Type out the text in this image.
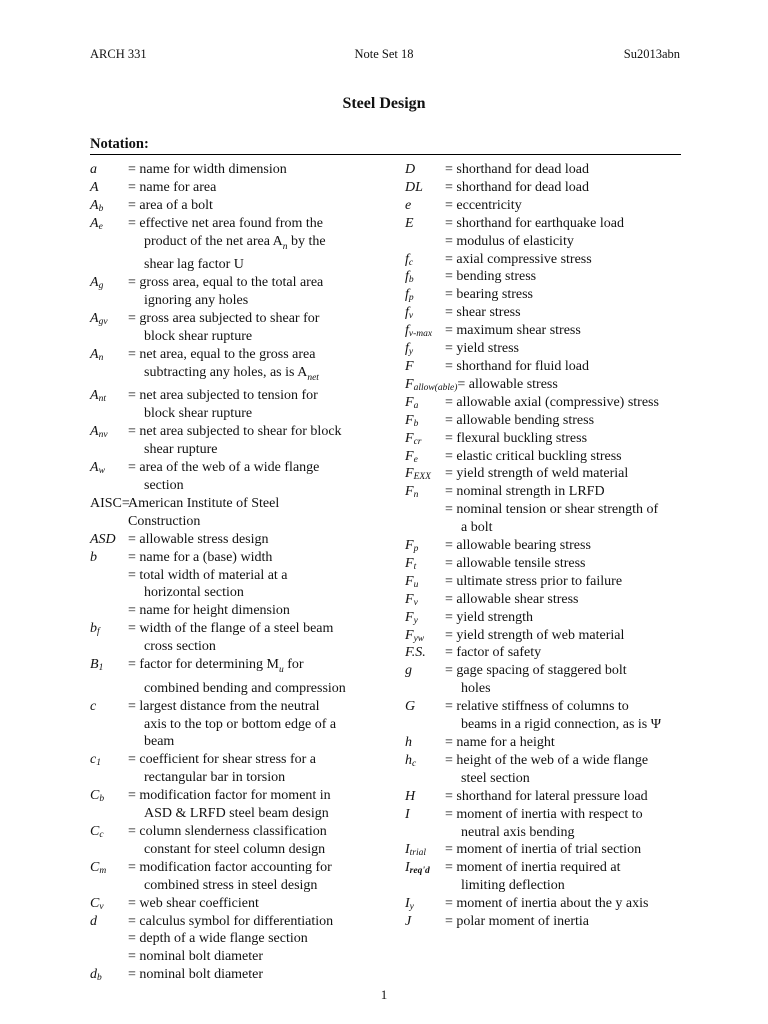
ARCH 331	Note Set 18	Su2013abn
Steel Design
Notation:
a	= name for width dimension
A	= name for area
$A_b$	= area of a bolt
$A_e$	= effective net area found from the
product of the net area $A_n$ by the
shear lag factor U
$A_g$	= gross area, equal to the total area
ignoring any holes
$A_{gv}$	= gross area subjected to shear for
block shear rupture
$A_n$	= net area, equal to the gross area
subtracting any holes, as is $A_{net}$
$A_{nt}$	= net area subjected to tension for
block shear rupture
$A_{nv}$	= net area subjected to shear for block
shear rupture
$A_w$	= area of the web of a wide flange
section
AISC=
American Institute of Steel
Construction
ASD = allowable stress design
b	= name for a (base) width
= total width of material at a
horizontal section
= name for height dimension
$b_f$	= width of the flange of a steel beam
cross section
$B_1$	= factor for determining $M_u$ for
combined bending and compression
c	= largest distance from the neutral
axis to the top or bottom edge of a
beam
$c_1$	= coefficient for shear stress for a
rectangular bar in torsion
$C_b$	= modification factor for moment in
ASD & LRFD steel beam design
$C_c$	= column slenderness classification
constant for steel column design
$C_m$	= modification factor accounting for
combined stress in steel design
$C_v$	= web shear coefficient
d	= calculus symbol for differentiation
= depth of a wide flange section
= nominal bolt diameter
$d_b$	= nominal bolt diameter
D	= shorthand for dead load
DL	= shorthand for dead load
e	= eccentricity
E	= shorthand for earthquake load
= modulus of elasticity
$f_c$	= axial compressive stress
$f_b$	= bending stress
$f_p$	= bearing stress
$f_v$	= shear stress
$f_{v-max}$ = maximum shear stress
$f_y$	= yield stress
F	= shorthand for fluid load
$F_{allow(able)}$ = allowable stress
$F_a$	= allowable axial (compressive) stress
$F_b$	= allowable bending stress
$F_{cr}$	= flexural buckling stress
$F_e$	= elastic critical buckling stress
$F_{EXX}$	= yield strength of weld material
$F_n$	= nominal strength in LRFD
= nominal tension or shear strength of
a bolt
$F_p$	= allowable bearing stress
$F_t$	= allowable tensile stress
$F_u$	= ultimate stress prior to failure
$F_v$	= allowable shear stress
$F_y$	= yield strength
$F_{yw}$	= yield strength of web material
F.S.	= factor of safety
g	= gage spacing of staggered bolt
holes
G	= relative stiffness of columns to
beams in a rigid connection, as is Ψ
h	= name for a height
$h_c$	= height of the web of a wide flange
steel section
H	= shorthand for lateral pressure load
I	= moment of inertia with respect to
neutral axis bending
$I_{trial}$	= moment of inertia of trial section
$I_{req'd}$	= moment of inertia required at
limiting deflection
$I_y$	= moment of inertia about the y axis
J	= polar moment of inertia
1
